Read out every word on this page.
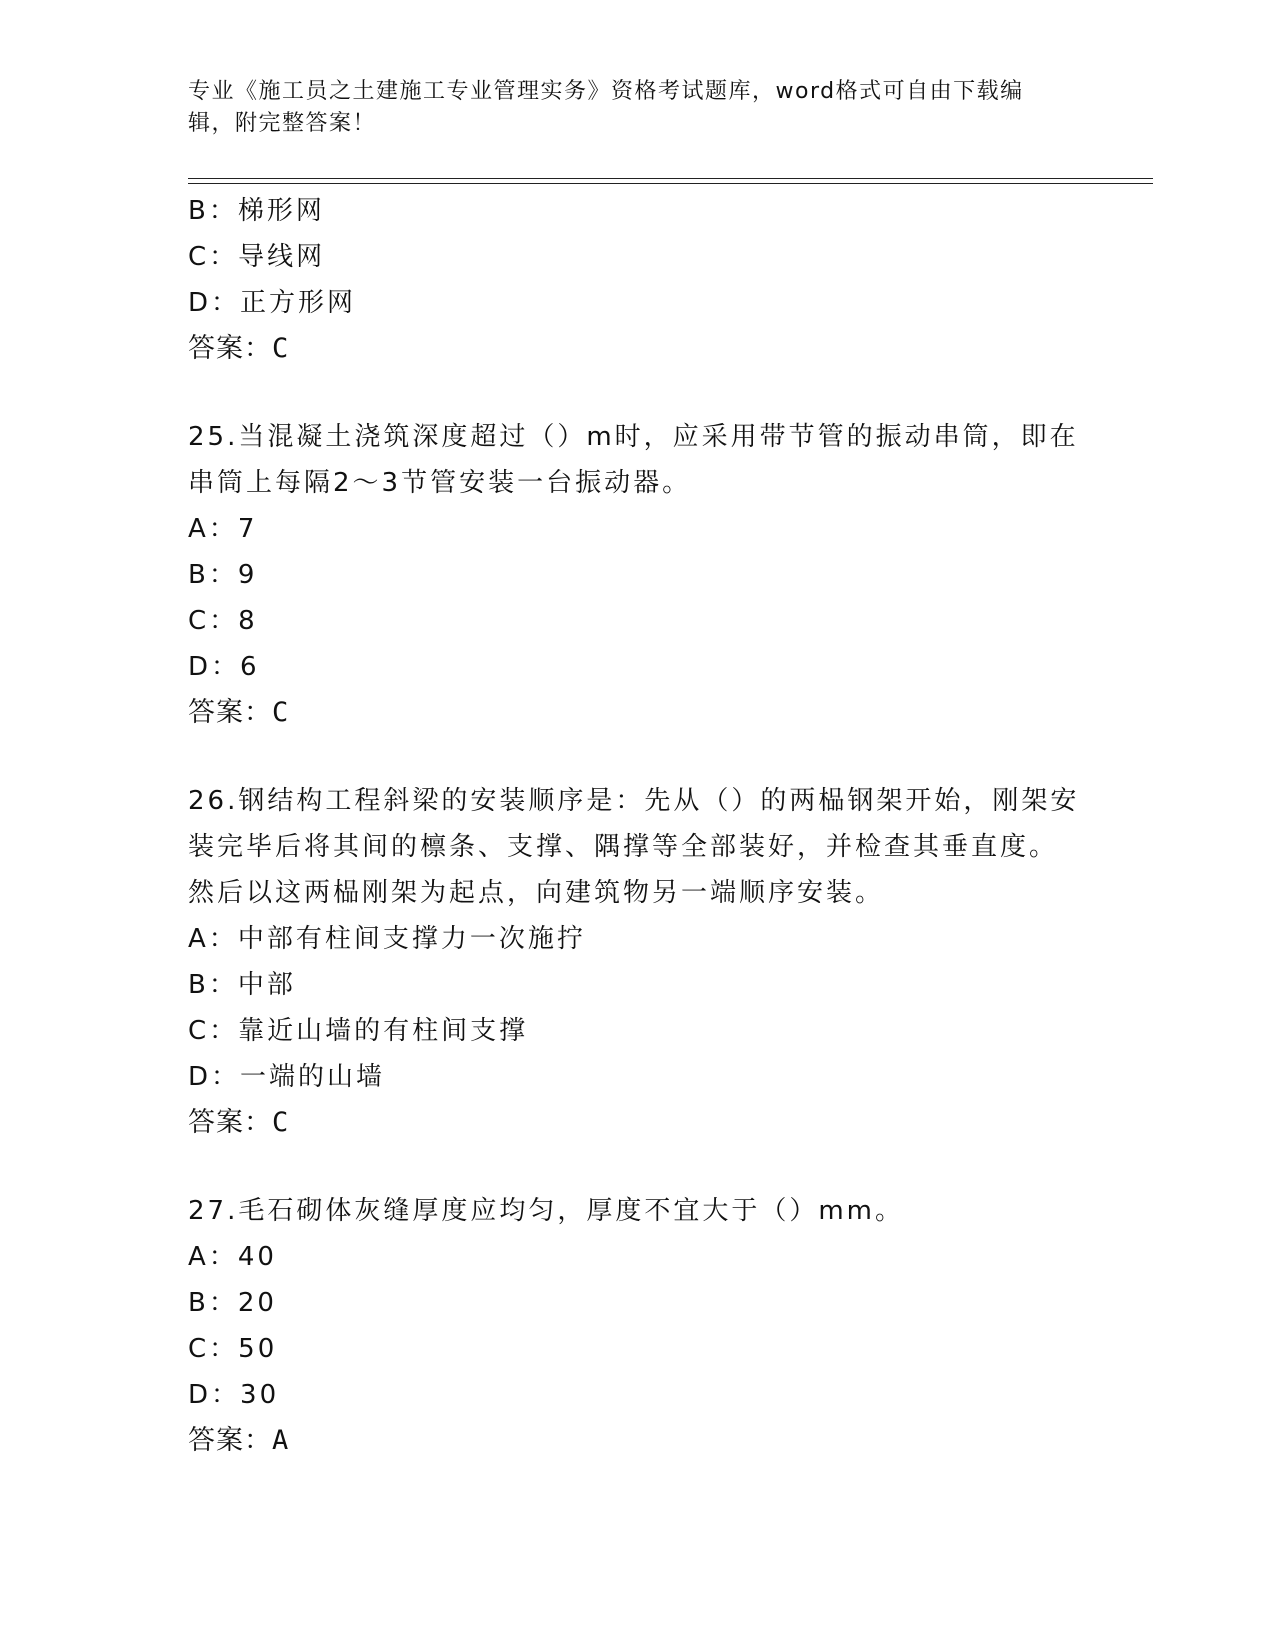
专业《施工员之土建施工专业管理实务》资格考试题库，word格式可自由下载编
辑，附完整答案！
B：梯形网
C：导线网
D：正方形网
答案：C
25.当混凝土浇筑深度超过（）m时，应采用带节管的振动串筒，即在
串筒上每隔2～3节管安装一台振动器。
A：7
B：9
C：8
D：6
答案：C
26.钢结构工程斜梁的安装顺序是：先从（）的两榀钢架开始，刚架安
装完毕后将其间的檩条、支撑、隅撑等全部装好，并检查其垂直度。
然后以这两榀刚架为起点，向建筑物另一端顺序安装。
A：中部有柱间支撑力一次施拧
B：中部
C：靠近山墙的有柱间支撑
D：一端的山墙
答案：C
27.毛石砌体灰缝厚度应均匀，厚度不宜大于（）mm。
A：40
B：20
C：50
D：30
答案：A
